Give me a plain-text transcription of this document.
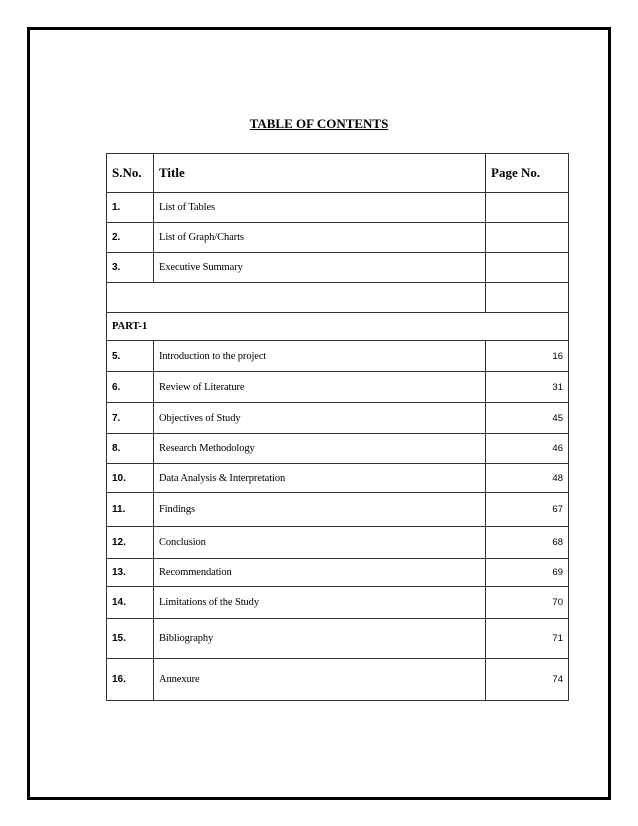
TABLE OF CONTENTS
S.No.	Title	Page No.
1.	List of Tables	
2.	List of Graph/Charts	
3.	Executive Summary	

PART-1		
5.	Introduction to the project	16
6.	Review of Literature	31
7.	Objectives of Study	45
8.	Research Methodology	46
10.	Data Analysis & Interpretation	48
11.	Findings	67
12.	Conclusion	68
13.	Recommendation	69
14.	Limitations of the Study	70
15.	Bibliography	71
16.	Annexure	74
